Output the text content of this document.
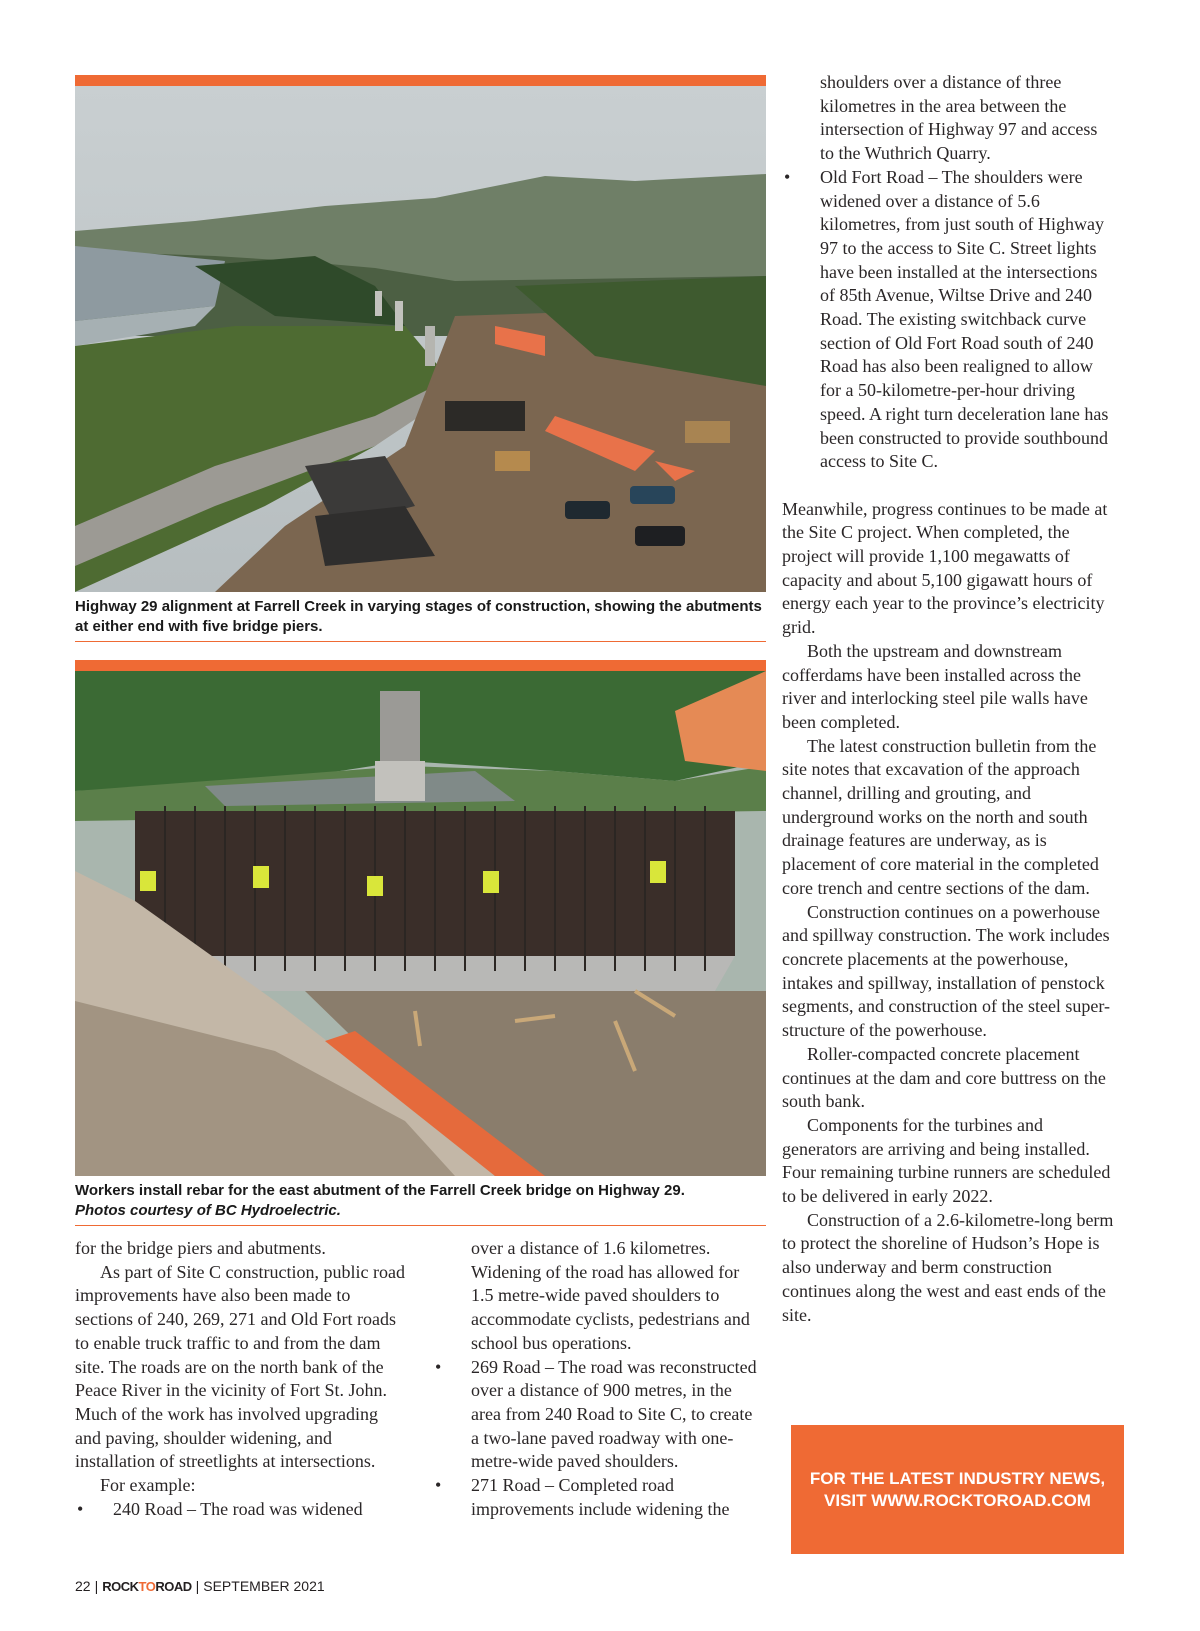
Highway 29 alignment at Farrell Creek in varying stages of construction, showing the abutments at either end with five bridge piers.
Workers install rebar for the east abutment of the Farrell Creek bridge on Highway 29.
Photos courtesy of BC Hydroelectric.

for the bridge piers and abutments.

As part of Site C construction, public road improvements have also been made to sections of 240, 269, 271 and Old Fort roads to enable truck traffic to and from the dam site. The roads are on the north bank of the Peace River in the vicinity of Fort St. John. Much of the work has involved upgrading and paving, shoulder widening, and installation of streetlights at intersections.

For example:

• 240 Road – The road was widened

over a distance of 1.6 kilometres. Widening of the road has allowed for 1.5 metre-wide paved shoulders to accommodate cyclists, pedestrians and school bus operations.

• 269 Road – The road was reconstructed over a distance of 900 metres, in the area from 240 Road to Site C, to create a two-lane paved roadway with one-metre-wide paved shoulders.
• 271 Road – Completed road improvements include widening the

shoulders over a distance of three kilometres in the area between the intersection of Highway 97 and access to the Wuthrich Quarry.

• Old Fort Road – The shoulders were widened over a distance of 5.6 kilometres, from just south of Highway 97 to the access to Site C. Street lights have been installed at the intersections of 85th Avenue, Wiltse Drive and 240 Road. The existing switchback curve section of Old Fort Road south of 240 Road has also been realigned to allow for a 50-kilometre-per-hour driving speed. A right turn deceleration lane has been constructed to provide southbound access to Site C.

Meanwhile, progress continues to be made at the Site C project. When completed, the project will provide 1,100 megawatts of capacity and about 5,100 gigawatt hours of energy each year to the province’s electricity grid.

Both the upstream and downstream cofferdams have been installed across the river and interlocking steel pile walls have been completed.

The latest construction bulletin from the site notes that excavation of the approach channel, drilling and grouting, and underground works on the north and south drainage features are underway, as is placement of core material in the completed core trench and centre sections of the dam.

Construction continues on a powerhouse and spillway construction. The work includes concrete placements at the powerhouse, intakes and spillway, installation of penstock segments, and construction of the steel super-structure of the powerhouse.

Roller-compacted concrete placement continues at the dam and core buttress on the south bank.

Components for the turbines and generators are arriving and being installed. Four remaining turbine runners are scheduled to be delivered in early 2022.

Construction of a 2.6-kilometre-long berm to protect the shoreline of Hudson’s Hope is also underway and berm construction continues along the west and east ends of the site.

FOR THE LATEST INDUSTRY NEWS,
VISIT WWW.ROCKTOROAD.COM
22 | ROCKTOROAD | SEPTEMBER 2021
